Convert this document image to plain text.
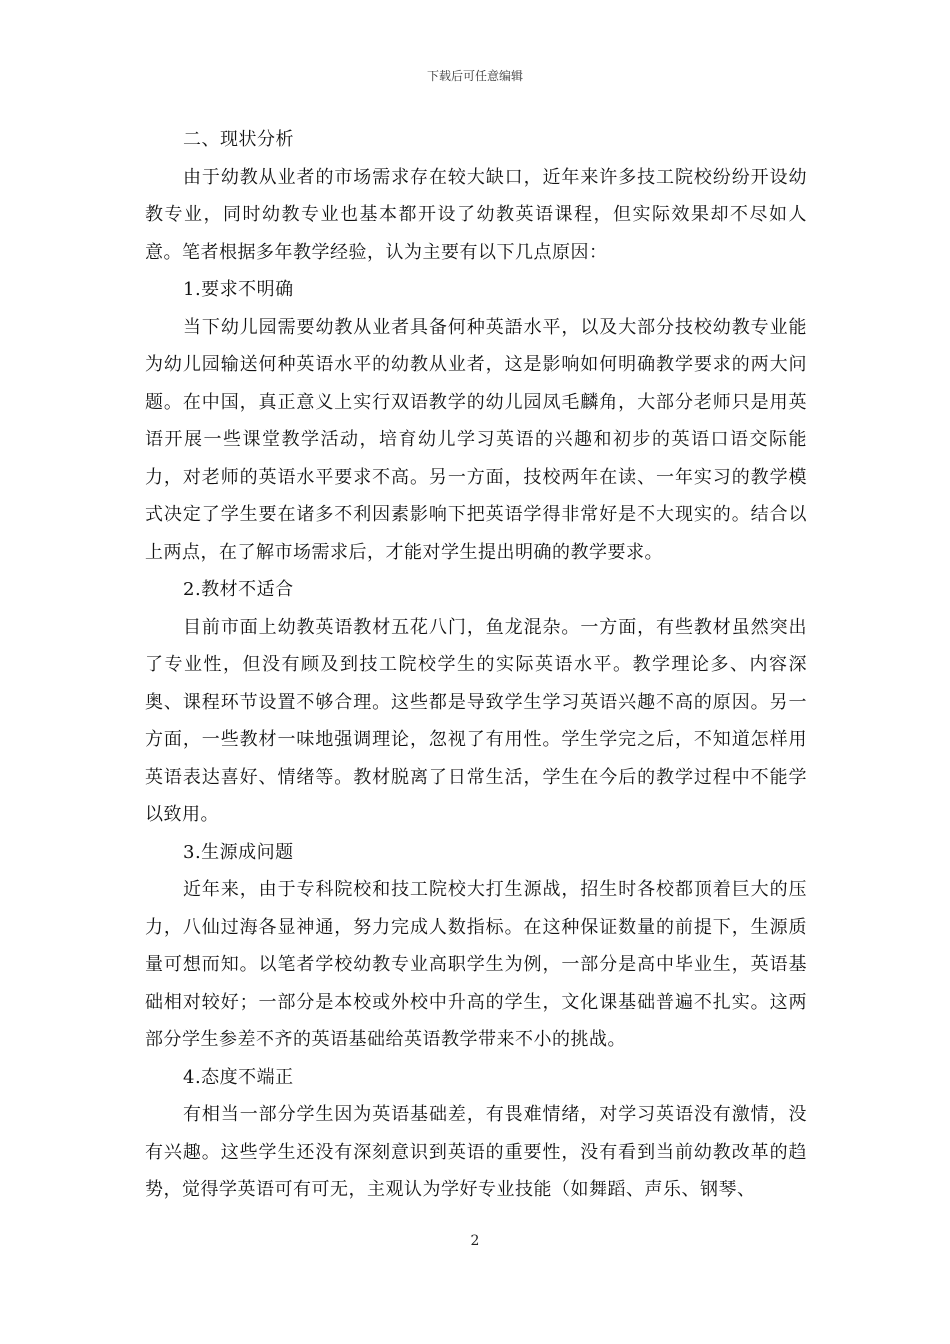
下载后可任意编辑

二、现状分析

由于幼教从业者的市场需求存在较大缺口，近年来许多技工院校纷纷开设幼教专业，同时幼教专业也基本都开设了幼教英语课程，但实际效果却不尽如人意。笔者根据多年教学经验，认为主要有以下几点原因：

1.要求不明确

当下幼儿园需要幼教从业者具备何种英語水平，以及大部分技校幼教专业能为幼儿园输送何种英语水平的幼教从业者，这是影响如何明确教学要求的两大问题。在中国，真正意义上实行双语教学的幼儿园凤毛麟角，大部分老师只是用英语开展一些课堂教学活动，培育幼儿学习英语的兴趣和初步的英语口语交际能力，对老师的英语水平要求不高。另一方面，技校两年在读、一年实习的教学模式决定了学生要在诸多不利因素影响下把英语学得非常好是不大现实的。结合以上两点，在了解市场需求后，才能对学生提出明确的教学要求。

2.教材不适合

目前市面上幼教英语教材五花八门，鱼龙混杂。一方面，有些教材虽然突出了专业性，但没有顾及到技工院校学生的实际英语水平。教学理论多、内容深奥、课程环节设置不够合理。这些都是导致学生学习英语兴趣不高的原因。另一方面，一些教材一味地强调理论，忽视了有用性。学生学完之后，不知道怎样用英语表达喜好、情绪等。教材脱离了日常生活，学生在今后的教学过程中不能学以致用。

3.生源成问题

近年来，由于专科院校和技工院校大打生源战，招生时各校都顶着巨大的压力，八仙过海各显神通，努力完成人数指标。在这种保证数量的前提下，生源质量可想而知。以笔者学校幼教专业高职学生为例，一部分是高中毕业生，英语基础相对较好；一部分是本校或外校中升高的学生，文化课基础普遍不扎实。这两部分学生参差不齐的英语基础给英语教学带来不小的挑战。

4.态度不端正

有相当一部分学生因为英语基础差，有畏难情绪，对学习英语没有激情，没有兴趣。这些学生还没有深刻意识到英语的重要性，没有看到当前幼教改革的趋势，觉得学英语可有可无，主观认为学好专业技能（如舞蹈、声乐、钢琴、

2
